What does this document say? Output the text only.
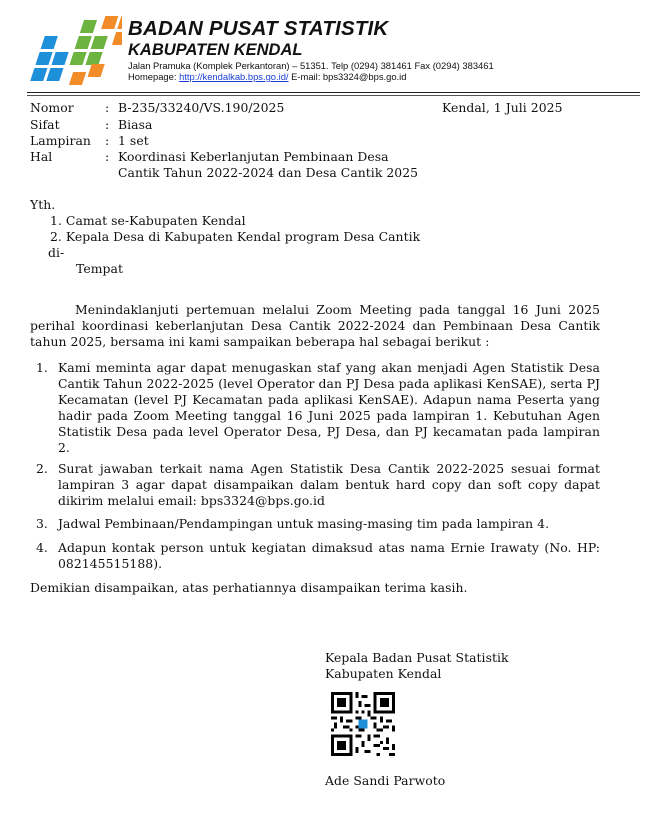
BADAN PUSAT STATISTIK
KABUPATEN KENDAL
Jalan Pramuka (Komplek Perkantoran) – 51351. Telp (0294) 381461 Fax (0294) 383461
Homepage: http://kendalkab.bps.go.id/ E-mail: bps3324@bps.go.id
Nomor	: B-235/33240/VS.190/2025
Sifat	: Biasa
Lampiran : 1 set
Hal	: Koordinasi Keberlanjutan Pembinaan Desa
Cantik Tahun 2022-2024 dan Desa Cantik 2025
Kendal, 1 Juli 2025
Yth.
1. Camat se-Kabupaten Kendal
2. Kepala Desa di Kabupaten Kendal program Desa Cantik
di-
Tempat
Menindaklanjuti pertemuan melalui Zoom Meeting pada tanggal 16 Juni 2025 perihal koordinasi keberlanjutan Desa Cantik 2022-2024 dan Pembinaan Desa Cantik tahun 2025, bersama ini kami sampaikan beberapa hal sebagai berikut :
1. Kami meminta agar dapat menugaskan staf yang akan menjadi Agen Statistik Desa Cantik Tahun 2022-2025 (level Operator dan PJ Desa pada aplikasi KenSAE), serta PJ Kecamatan (level PJ Kecamatan pada aplikasi KenSAE). Adapun nama Peserta yang hadir pada Zoom Meeting tanggal 16 Juni 2025 pada lampiran 1. Kebutuhan Agen Statistik Desa pada level Operator Desa, PJ Desa, dan PJ kecamatan pada lampiran 2.
2. Surat jawaban terkait nama Agen Statistik Desa Cantik 2022-2025 sesuai format lampiran 3 agar dapat disampaikan dalam bentuk hard copy dan soft copy dapat dikirim melalui email: bps3324@bps.go.id
3. Jadwal Pembinaan/Pendampingan untuk masing-masing tim pada lampiran 4.
4. Adapun kontak person untuk kegiatan dimaksud atas nama Ernie Irawaty (No. HP: 082145515188).
Demikian disampaikan, atas perhatiannya disampaikan terima kasih.
Kepala Badan Pusat Statistik
Kabupaten Kendal
Ade Sandi Parwoto
